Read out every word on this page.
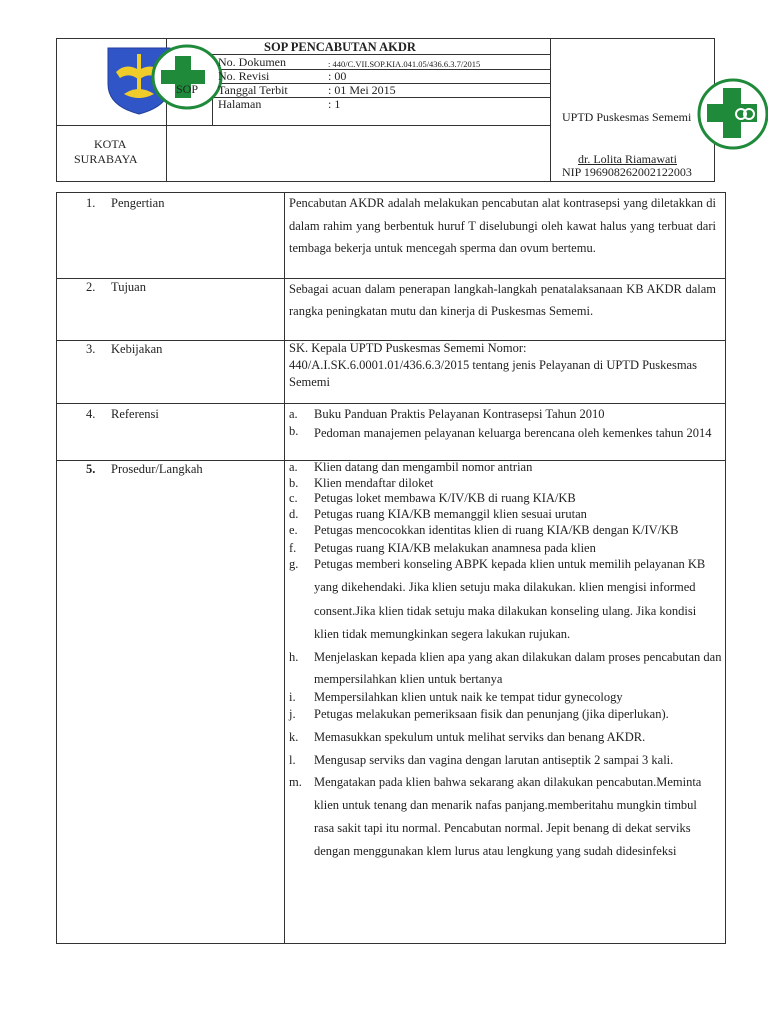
SOP
SOP PENCABUTAN AKDR
No. Dokumen	: 440/C.VII.SOP.KIA.041.05/436.6.3.7/2015
No. Revisi	: 00
Tanggal Terbit	: 01 Mei 2015
Halaman	: 1
UPTD Puskesmas Sememi
KOTA
SURABAYA	dr. Lolita Riamawati
NIP 196908262002122003
1. Pengertian	Pencabutan AKDR adalah melakukan pencabutan alat kontrasepsi yang diletakkan di dalam rahim yang berbentuk huruf T diselubungi oleh kawat halus yang terbuat dari tembaga bekerja untuk mencegah sperma dan ovum bertemu.
2. Tujuan	Sebagai acuan dalam penerapan langkah-langkah penatalaksanaan KB AKDR dalam rangka peningkatan mutu dan kinerja di Puskesmas Sememi.
3. Kebijakan	SK. Kepala UPTD Puskesmas Sememi Nomor: 440/A.I.SK.6.0001.01/436.6.3/2015 tentang jenis Pelayanan di UPTD Puskesmas Sememi
4. Referensi	a. Buku Panduan Praktis Pelayanan Kontrasepsi Tahun 2010
b. Pedoman manajemen pelayanan keluarga berencana oleh kemenkes tahun 2014
5. Prosedur/Langkah	a. Klien datang dan mengambil nomor antrian
b. Klien mendaftar diloket
c. Petugas loket membawa K/IV/KB di ruang KIA/KB
d. Petugas ruang KIA/KB memanggil klien sesuai urutan
e. Petugas mencocokkan identitas klien di ruang KIA/KB dengan K/IV/KB
f. Petugas ruang KIA/KB melakukan anamnesa pada klien
g. Petugas memberi konseling ABPK kepada klien untuk memilih pelayanan KB yang dikehendaki. Jika klien setuju maka dilakukan. klien mengisi informed consent.Jika klien tidak setuju maka dilakukan konseling ulang. Jika kondisi klien tidak memungkinkan segera lakukan rujukan.
h. Menjelaskan kepada klien apa yang akan dilakukan dalam proses pencabutan dan mempersilahkan klien untuk bertanya
i. Mempersilahkan klien untuk naik ke tempat tidur gynecology
j. Petugas melakukan pemeriksaan fisik dan penunjang (jika diperlukan).
k. Memasukkan spekulum untuk melihat serviks dan benang AKDR.
l. Mengusap serviks dan vagina dengan larutan antiseptik 2 sampai 3 kali.
m. Mengatakan pada klien bahwa sekarang akan dilakukan pencabutan.Meminta klien untuk tenang dan menarik nafas panjang.memberitahu mungkin timbul rasa sakit tapi itu normal. Pencabutan normal. Jepit benang di dekat serviks dengan menggunakan klem lurus atau lengkung yang sudah didesinfeksi
